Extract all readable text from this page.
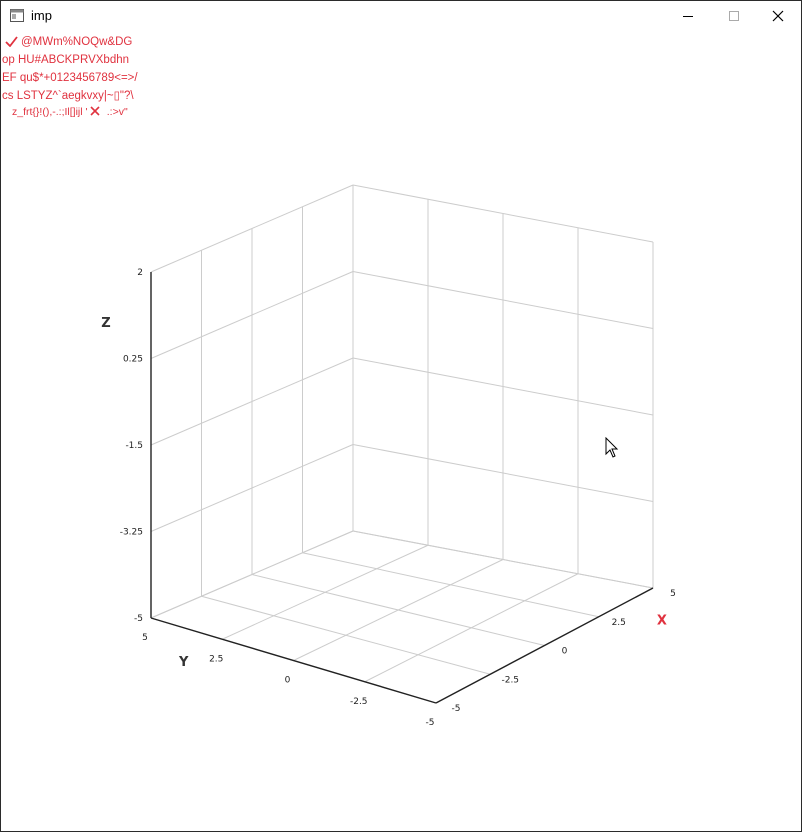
imp
@MWm%NOQw&DG
op HU#ABCKPRVXbdhn
EF qu$*+0123456789<=>/
cs LSTYZ^`aegkvxy|~▯"?\
z_frt{}!(),-.:;Il[]ijl ' .:>v"
2
0.25
-1.5
-3.25
-5
5
2.5
0
-2.5
-5
-5
-2.5
0
2.5
5
Z
Y
X
